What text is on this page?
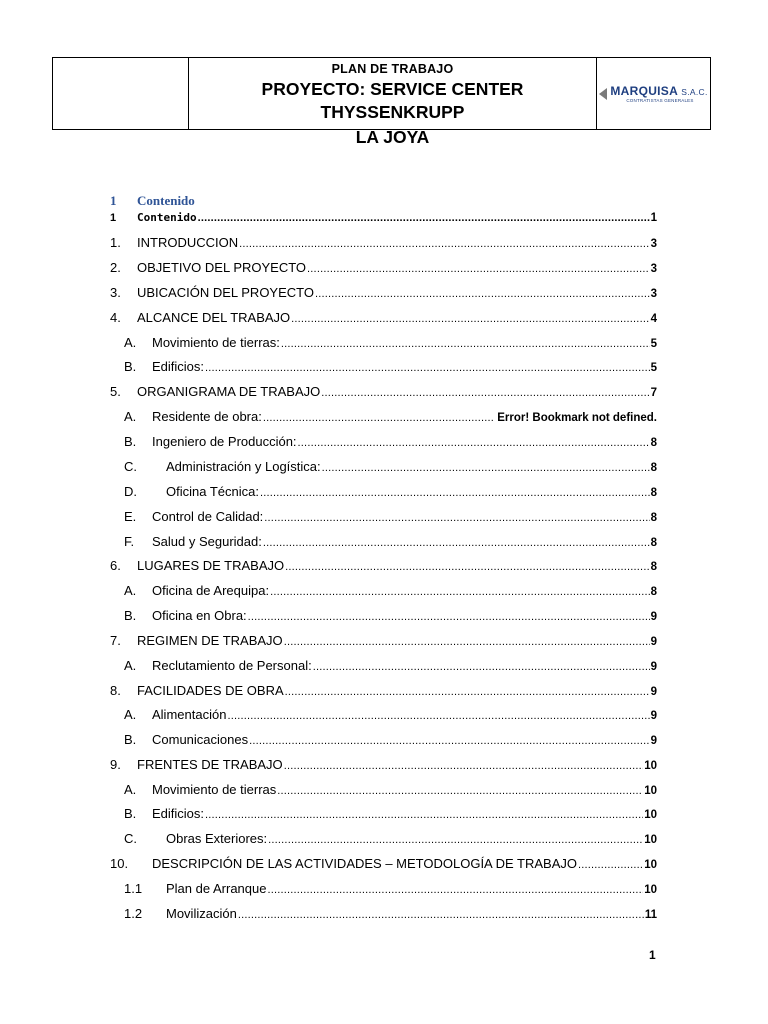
PLAN DE TRABAJO
PROYECTO: SERVICE CENTER THYSSENKRUPP
LA JOYA
MARQUISA S.A.C.
CONTRATISTAS GENERALES
1 Contenido
1	Contenido .....	1
1.	INTRODUCCION .....	3
2.	OBJETIVO DEL PROYECTO .....	3
3.	UBICACIÓN DEL PROYECTO .....	3
4.	ALCANCE DEL TRABAJO .....	4
A.	Movimiento de tierras: .....	5
B.	Edificios: .....	5
5.	ORGANIGRAMA DE TRABAJO .....	7
A.	Residente de obra: .....	Error! Bookmark not defined.
B.	Ingeniero de Producción: .....	8
C.	Administración y Logística: .....	8
D.	Oficina Técnica: .....	8
E.	Control de Calidad: .....	8
F.	Salud y Seguridad: .....	8
6.	LUGARES DE TRABAJO .....	8
A.	Oficina de Arequipa: .....	8
B.	Oficina en Obra: .....	9
7.	REGIMEN DE TRABAJO .....	9
A.	Reclutamiento de Personal: .....	9
8.	FACILIDADES DE OBRA .....	9
A.	Alimentación .....	9
B.	Comunicaciones .....	9
9.	FRENTES DE TRABAJO .....	10
A.	Movimiento de tierras .....	10
B.	Edificios: .....	10
C.	Obras Exteriores: .....	10
10.	DESCRIPCIÓN DE LAS ACTIVIDADES – METODOLOGÍA DE TRABAJO .....	10
1.1	Plan de Arranque .....	10
1.2	Movilización .....	11
1
